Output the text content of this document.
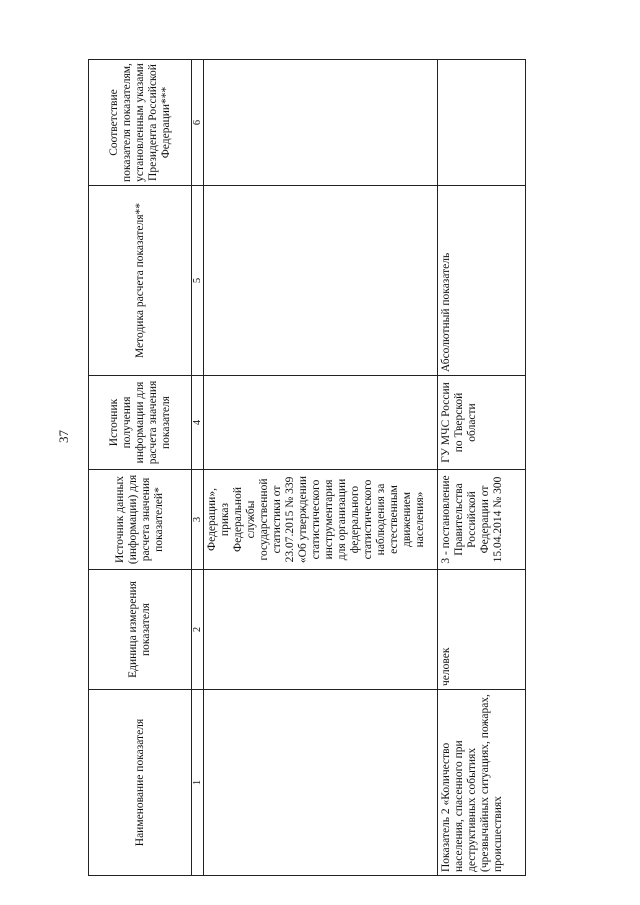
37
Наименование показателя	Единица измерения показателя	Источник данных (информации) для расчета значения показателей*	Источник получения информации для расчета значения показателя	Методика расчета показателя**	Соответствие показателя показателям, установленным указами Президента Российской Федерации***
1	2	3	4	5	6
		Федерации», приказ Федеральной службы государственной статистики от 23.07.2015 № 339 «Об утверждении статистического инструментария для организации федерального статистического наблюдения за естественным движением населения»			
Показатель 2 «Количество населения, спасенного при деструктивных событиях (чрезвычайных ситуациях, пожарах, происшествиях	человек	3 - постановление Правительства Российской Федерации от 15.04.2014 № 300	ГУ МЧС России по Тверской области	Абсолютный показатель	
